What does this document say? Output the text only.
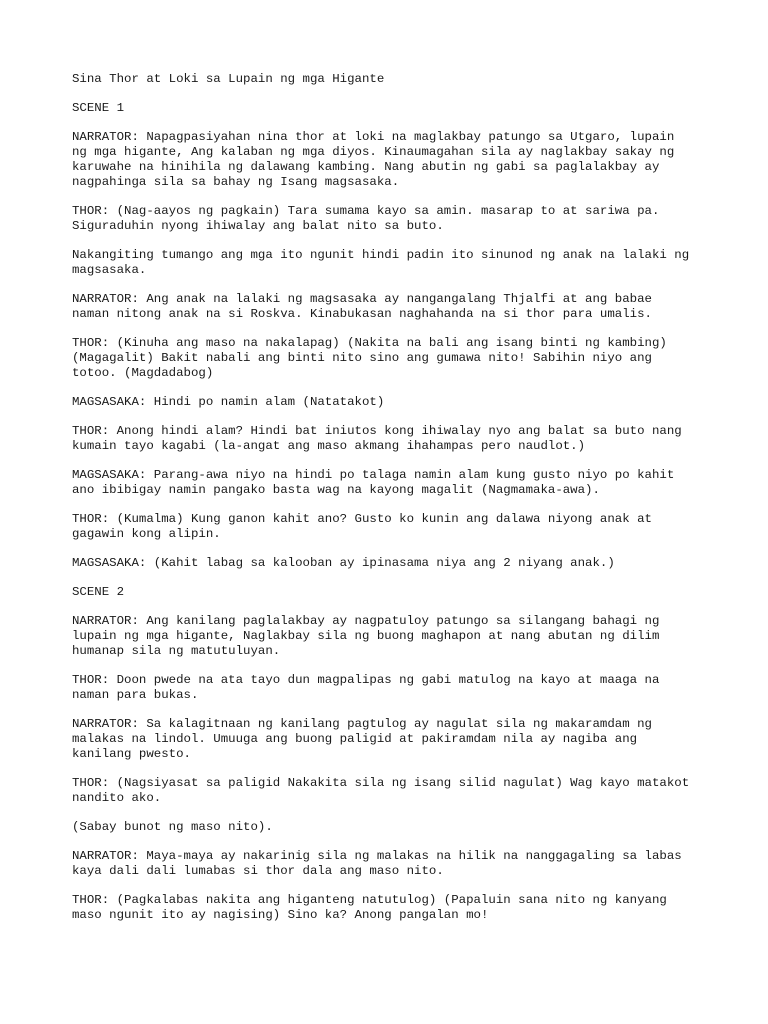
Sina Thor at Loki sa Lupain ng mga Higante
SCENE 1
NARRATOR: Napagpasiyahan nina thor at loki na maglakbay patungo sa Utgaro, lupain
ng mga higante, Ang kalaban ng mga diyos. Kinaumagahan sila ay naglakbay sakay ng
karuwahe na hinihila ng dalawang kambing. Nang abutin ng gabi sa paglalakbay ay
nagpahinga sila sa bahay ng Isang magsasaka.
THOR: (Nag-aayos ng pagkain) Tara sumama kayo sa amin. masarap to at sariwa pa.
Siguraduhin nyong ihiwalay ang balat nito sa buto.
Nakangiting tumango ang mga ito ngunit hindi padin ito sinunod ng anak na lalaki ng
magsasaka.
NARRATOR: Ang anak na lalaki ng magsasaka ay nangangalang Thjalfi at ang babae
naman nitong anak na si Roskva. Kinabukasan naghahanda na si thor para umalis.
THOR: (Kinuha ang maso na nakalapag) (Nakita na bali ang isang binti ng kambing)
(Magagalit) Bakit nabali ang binti nito sino ang gumawa nito! Sabihin niyo ang
totoo. (Magdadabog)
MAGSASAKA: Hindi po namin alam (Natatakot)
THOR: Anong hindi alam? Hindi bat iniutos kong ihiwalay nyo ang balat sa buto nang
kumain tayo kagabi (la-angat ang maso akmang ihahampas pero naudlot.)
MAGSASAKA: Parang-awa niyo na hindi po talaga namin alam kung gusto niyo po kahit
ano ibibigay namin pangako basta wag na kayong magalit (Nagmamaka-awa).
THOR: (Kumalma) Kung ganon kahit ano? Gusto ko kunin ang dalawa niyong anak at
gagawin kong alipin.
MAGSASAKA: (Kahit labag sa kalooban ay ipinasama niya ang 2 niyang anak.)
SCENE 2
NARRATOR: Ang kanilang paglalakbay ay nagpatuloy patungo sa silangang bahagi ng
lupain ng mga higante, Naglakbay sila ng buong maghapon at nang abutan ng dilim
humanap sila ng matutuluyan.
THOR: Doon pwede na ata tayo dun magpalipas ng gabi matulog na kayo at maaga na
naman para bukas.
NARRATOR: Sa kalagitnaan ng kanilang pagtulog ay nagulat sila ng makaramdam ng
malakas na lindol. Umuuga ang buong paligid at pakiramdam nila ay nagiba ang
kanilang pwesto.
THOR: (Nagsiyasat sa paligid Nakakita sila ng isang silid nagulat) Wag kayo matakot
nandito ako.
(Sabay bunot ng maso nito).
NARRATOR: Maya-maya ay nakarinig sila ng malakas na hilik na nanggagaling sa labas
kaya dali dali lumabas si thor dala ang maso nito.
THOR: (Pagkalabas nakita ang higanteng natutulog) (Papaluin sana nito ng kanyang
maso ngunit ito ay nagising) Sino ka? Anong pangalan mo!
